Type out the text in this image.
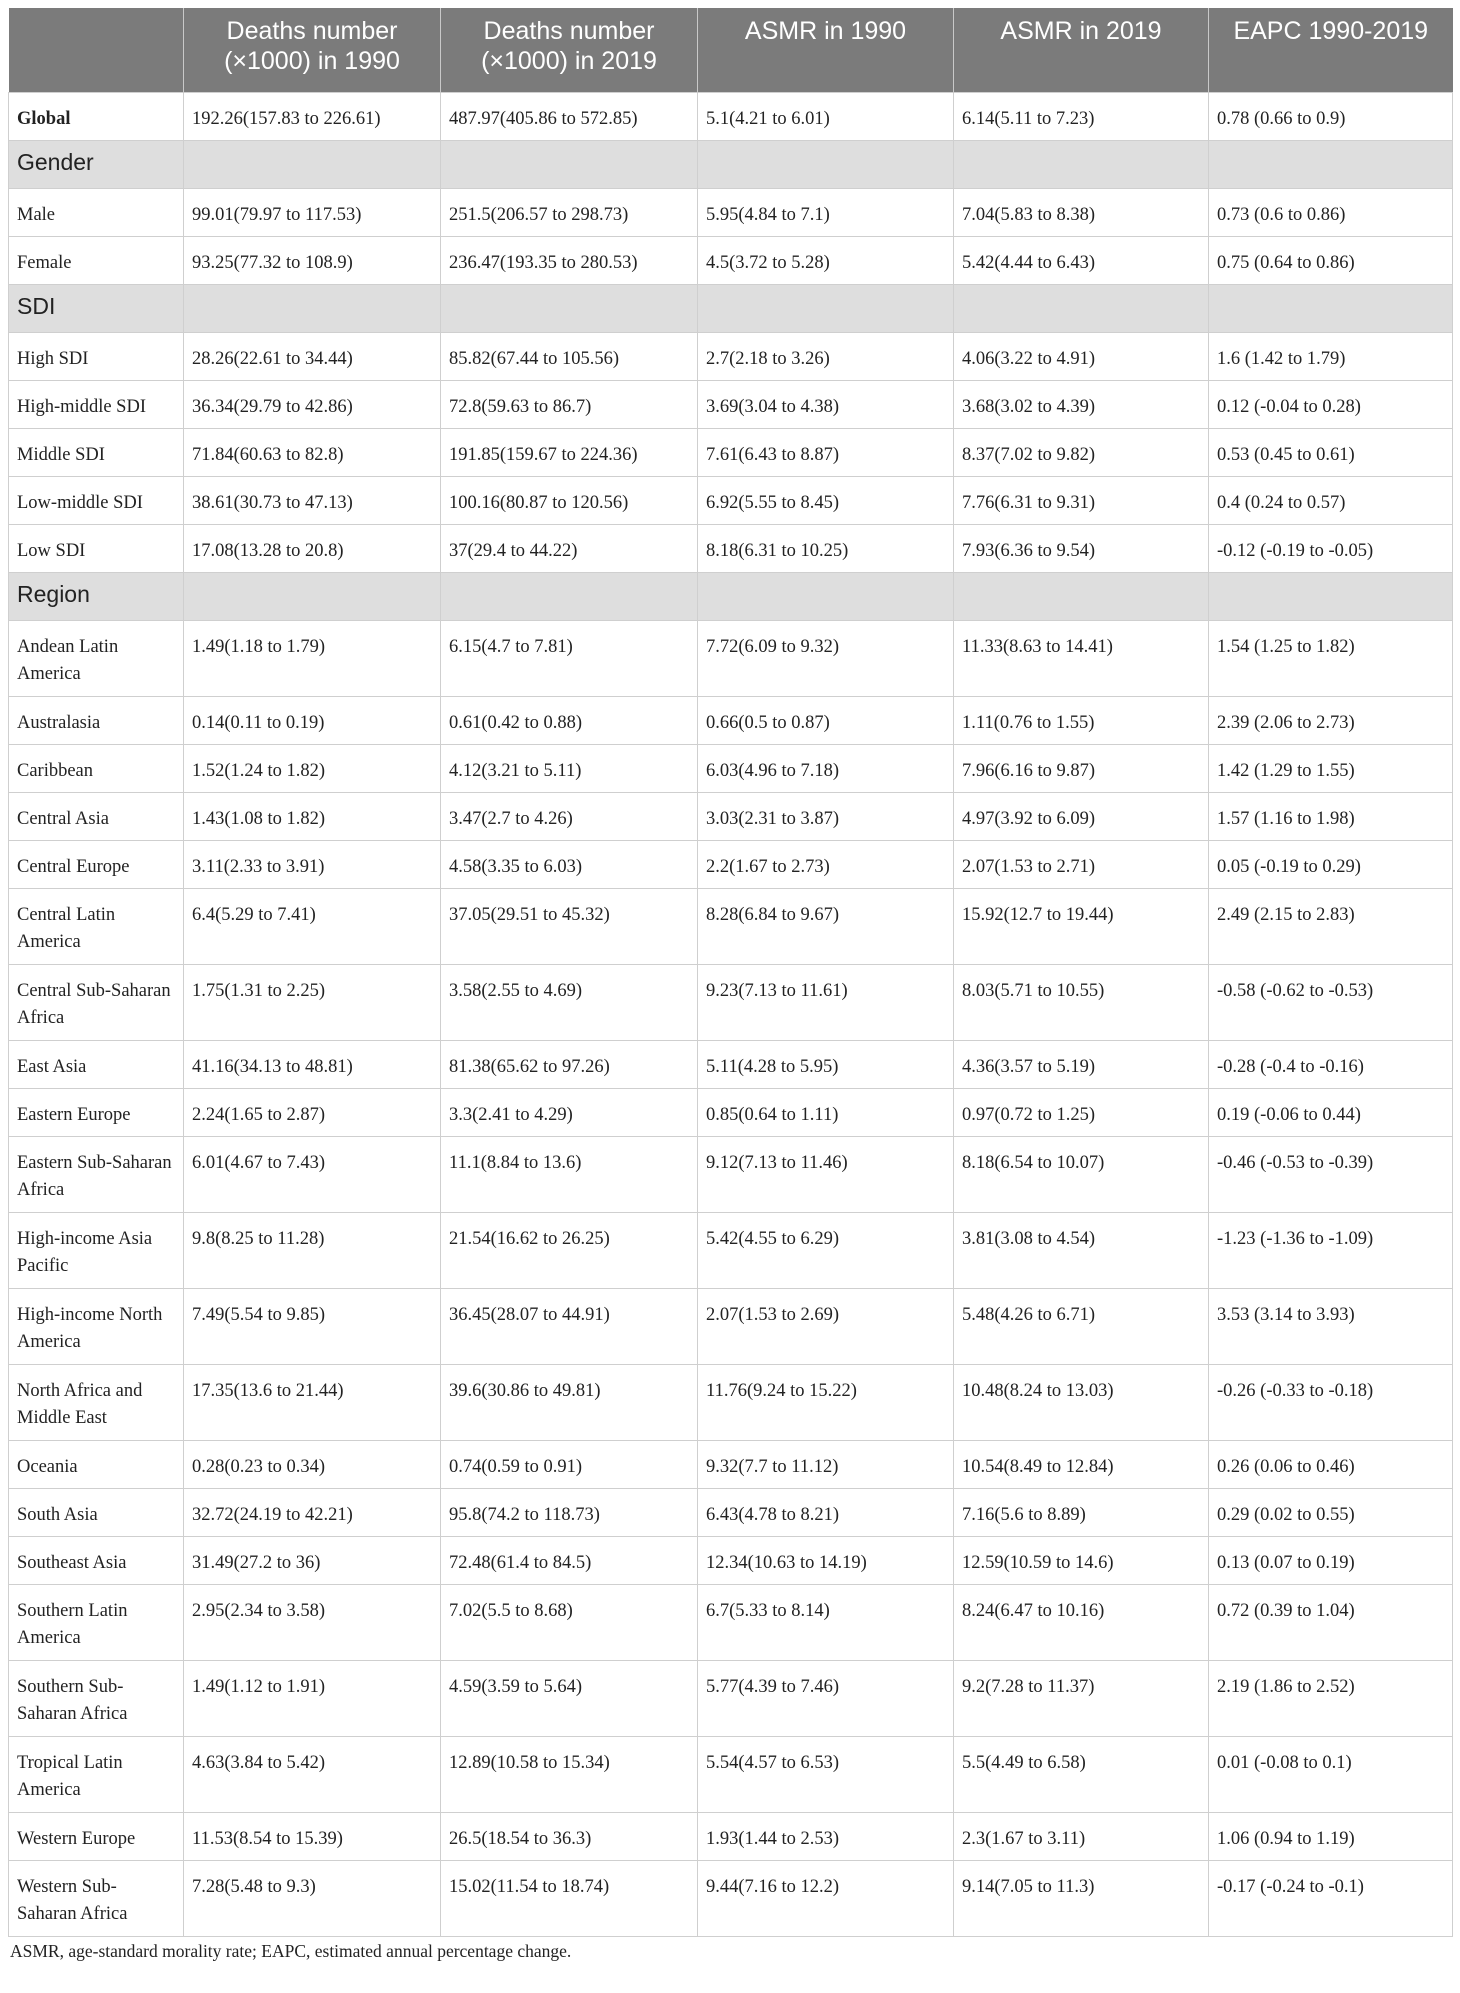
	Deaths number (×1000) in 1990	Deaths number (×1000) in 2019	ASMR in 1990	ASMR in 2019	EAPC 1990-2019
Global	192.26(157.83 to 226.61)	487.97(405.86 to 572.85)	5.1(4.21 to 6.01)	6.14(5.11 to 7.23)	0.78 (0.66 to 0.9)
Gender					
Male	99.01(79.97 to 117.53)	251.5(206.57 to 298.73)	5.95(4.84 to 7.1)	7.04(5.83 to 8.38)	0.73 (0.6 to 0.86)
Female	93.25(77.32 to 108.9)	236.47(193.35 to 280.53)	4.5(3.72 to 5.28)	5.42(4.44 to 6.43)	0.75 (0.64 to 0.86)
SDI					
High SDI	28.26(22.61 to 34.44)	85.82(67.44 to 105.56)	2.7(2.18 to 3.26)	4.06(3.22 to 4.91)	1.6 (1.42 to 1.79)
High-middle SDI	36.34(29.79 to 42.86)	72.8(59.63 to 86.7)	3.69(3.04 to 4.38)	3.68(3.02 to 4.39)	0.12 (-0.04 to 0.28)
Middle SDI	71.84(60.63 to 82.8)	191.85(159.67 to 224.36)	7.61(6.43 to 8.87)	8.37(7.02 to 9.82)	0.53 (0.45 to 0.61)
Low-middle SDI	38.61(30.73 to 47.13)	100.16(80.87 to 120.56)	6.92(5.55 to 8.45)	7.76(6.31 to 9.31)	0.4 (0.24 to 0.57)
Low SDI	17.08(13.28 to 20.8)	37(29.4 to 44.22)	8.18(6.31 to 10.25)	7.93(6.36 to 9.54)	-0.12 (-0.19 to -0.05)
Region					
Andean Latin America	1.49(1.18 to 1.79)	6.15(4.7 to 7.81)	7.72(6.09 to 9.32)	11.33(8.63 to 14.41)	1.54 (1.25 to 1.82)
Australasia	0.14(0.11 to 0.19)	0.61(0.42 to 0.88)	0.66(0.5 to 0.87)	1.11(0.76 to 1.55)	2.39 (2.06 to 2.73)
Caribbean	1.52(1.24 to 1.82)	4.12(3.21 to 5.11)	6.03(4.96 to 7.18)	7.96(6.16 to 9.87)	1.42 (1.29 to 1.55)
Central Asia	1.43(1.08 to 1.82)	3.47(2.7 to 4.26)	3.03(2.31 to 3.87)	4.97(3.92 to 6.09)	1.57 (1.16 to 1.98)
Central Europe	3.11(2.33 to 3.91)	4.58(3.35 to 6.03)	2.2(1.67 to 2.73)	2.07(1.53 to 2.71)	0.05 (-0.19 to 0.29)
Central Latin America	6.4(5.29 to 7.41)	37.05(29.51 to 45.32)	8.28(6.84 to 9.67)	15.92(12.7 to 19.44)	2.49 (2.15 to 2.83)
Central Sub-Saharan Africa	1.75(1.31 to 2.25)	3.58(2.55 to 4.69)	9.23(7.13 to 11.61)	8.03(5.71 to 10.55)	-0.58 (-0.62 to -0.53)
East Asia	41.16(34.13 to 48.81)	81.38(65.62 to 97.26)	5.11(4.28 to 5.95)	4.36(3.57 to 5.19)	-0.28 (-0.4 to -0.16)
Eastern Europe	2.24(1.65 to 2.87)	3.3(2.41 to 4.29)	0.85(0.64 to 1.11)	0.97(0.72 to 1.25)	0.19 (-0.06 to 0.44)
Eastern Sub-Saharan Africa	6.01(4.67 to 7.43)	11.1(8.84 to 13.6)	9.12(7.13 to 11.46)	8.18(6.54 to 10.07)	-0.46 (-0.53 to -0.39)
High-income Asia Pacific	9.8(8.25 to 11.28)	21.54(16.62 to 26.25)	5.42(4.55 to 6.29)	3.81(3.08 to 4.54)	-1.23 (-1.36 to -1.09)
High-income North America	7.49(5.54 to 9.85)	36.45(28.07 to 44.91)	2.07(1.53 to 2.69)	5.48(4.26 to 6.71)	3.53 (3.14 to 3.93)
North Africa and Middle East	17.35(13.6 to 21.44)	39.6(30.86 to 49.81)	11.76(9.24 to 15.22)	10.48(8.24 to 13.03)	-0.26 (-0.33 to -0.18)
Oceania	0.28(0.23 to 0.34)	0.74(0.59 to 0.91)	9.32(7.7 to 11.12)	10.54(8.49 to 12.84)	0.26 (0.06 to 0.46)
South Asia	32.72(24.19 to 42.21)	95.8(74.2 to 118.73)	6.43(4.78 to 8.21)	7.16(5.6 to 8.89)	0.29 (0.02 to 0.55)
Southeast Asia	31.49(27.2 to 36)	72.48(61.4 to 84.5)	12.34(10.63 to 14.19)	12.59(10.59 to 14.6)	0.13 (0.07 to 0.19)
Southern Latin America	2.95(2.34 to 3.58)	7.02(5.5 to 8.68)	6.7(5.33 to 8.14)	8.24(6.47 to 10.16)	0.72 (0.39 to 1.04)
Southern Sub-Saharan Africa	1.49(1.12 to 1.91)	4.59(3.59 to 5.64)	5.77(4.39 to 7.46)	9.2(7.28 to 11.37)	2.19 (1.86 to 2.52)
Tropical Latin America	4.63(3.84 to 5.42)	12.89(10.58 to 15.34)	5.54(4.57 to 6.53)	5.5(4.49 to 6.58)	0.01 (-0.08 to 0.1)
Western Europe	11.53(8.54 to 15.39)	26.5(18.54 to 36.3)	1.93(1.44 to 2.53)	2.3(1.67 to 3.11)	1.06 (0.94 to 1.19)
Western Sub-Saharan Africa	7.28(5.48 to 9.3)	15.02(11.54 to 18.74)	9.44(7.16 to 12.2)	9.14(7.05 to 11.3)	-0.17 (-0.24 to -0.1)
ASMR, age-standard morality rate; EAPC, estimated annual percentage change.
